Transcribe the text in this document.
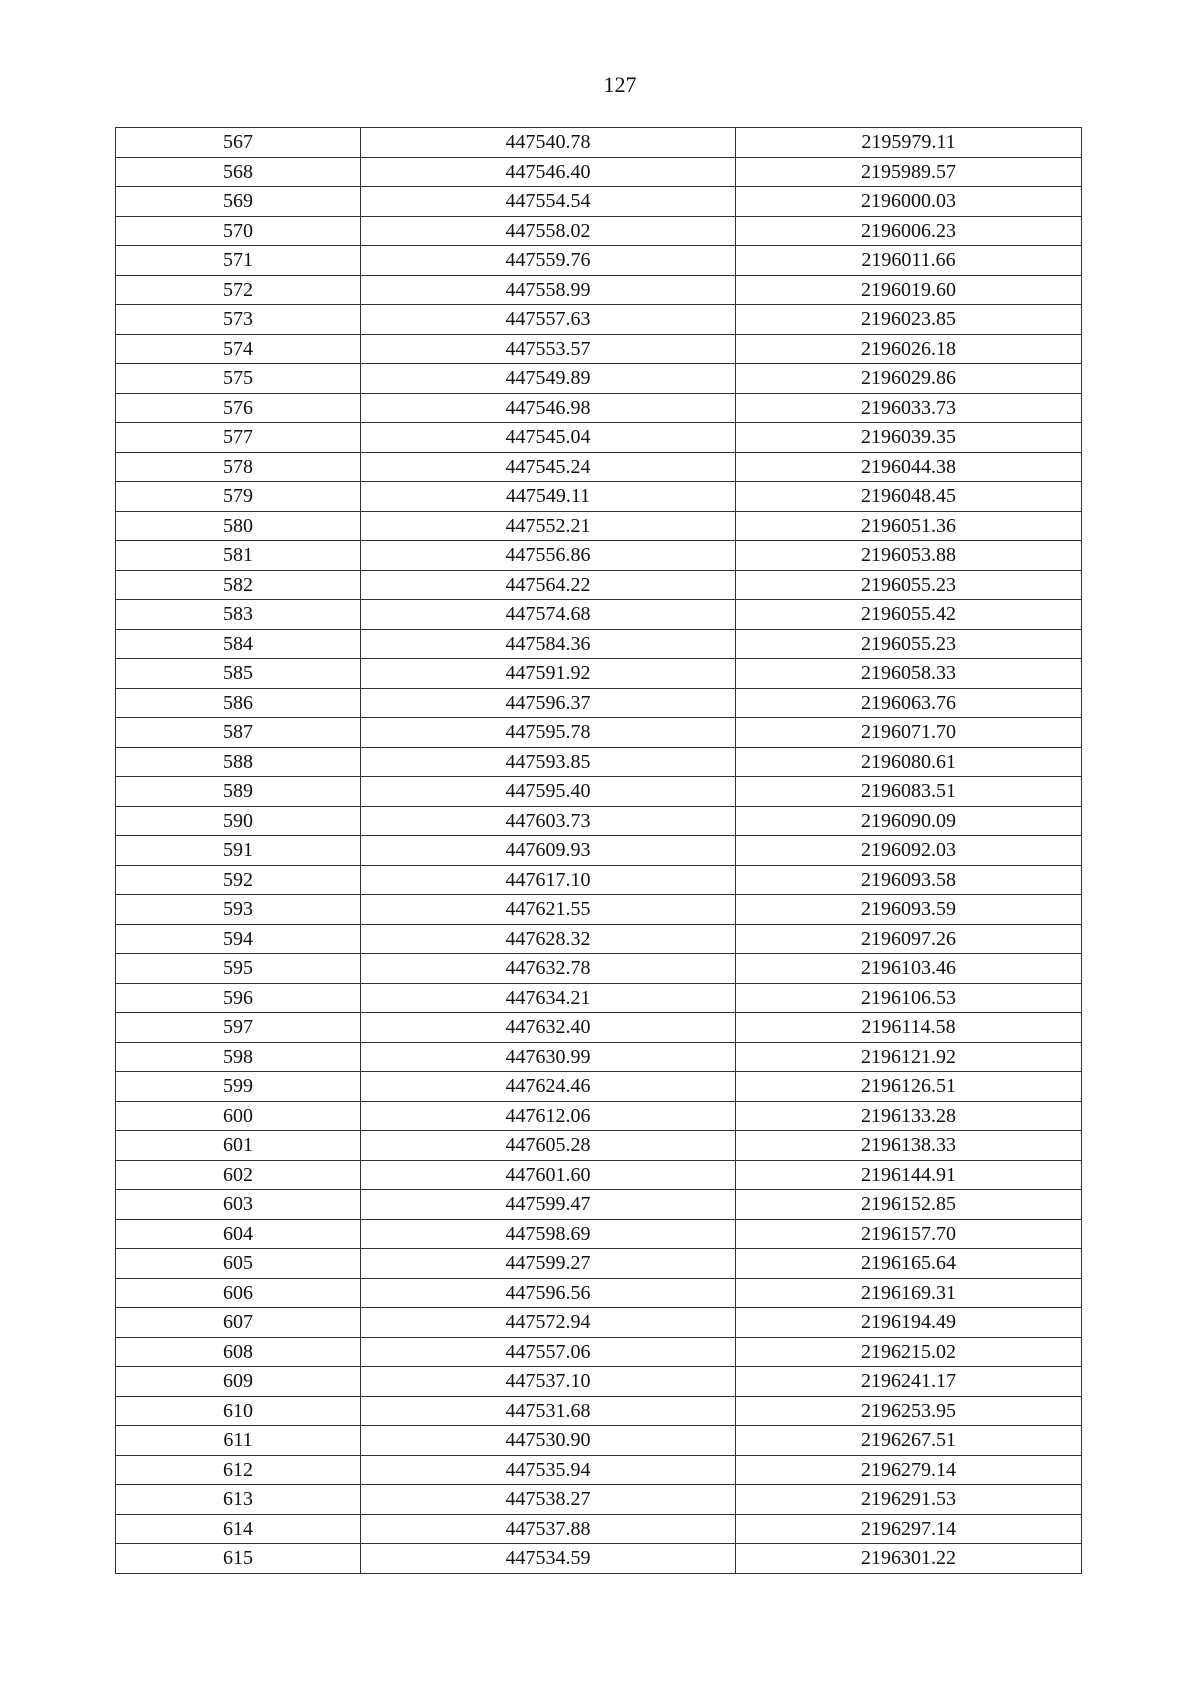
127
567	447540.78	2195979.11
568	447546.40	2195989.57
569	447554.54	2196000.03
570	447558.02	2196006.23
571	447559.76	2196011.66
572	447558.99	2196019.60
573	447557.63	2196023.85
574	447553.57	2196026.18
575	447549.89	2196029.86
576	447546.98	2196033.73
577	447545.04	2196039.35
578	447545.24	2196044.38
579	447549.11	2196048.45
580	447552.21	2196051.36
581	447556.86	2196053.88
582	447564.22	2196055.23
583	447574.68	2196055.42
584	447584.36	2196055.23
585	447591.92	2196058.33
586	447596.37	2196063.76
587	447595.78	2196071.70
588	447593.85	2196080.61
589	447595.40	2196083.51
590	447603.73	2196090.09
591	447609.93	2196092.03
592	447617.10	2196093.58
593	447621.55	2196093.59
594	447628.32	2196097.26
595	447632.78	2196103.46
596	447634.21	2196106.53
597	447632.40	2196114.58
598	447630.99	2196121.92
599	447624.46	2196126.51
600	447612.06	2196133.28
601	447605.28	2196138.33
602	447601.60	2196144.91
603	447599.47	2196152.85
604	447598.69	2196157.70
605	447599.27	2196165.64
606	447596.56	2196169.31
607	447572.94	2196194.49
608	447557.06	2196215.02
609	447537.10	2196241.17
610	447531.68	2196253.95
611	447530.90	2196267.51
612	447535.94	2196279.14
613	447538.27	2196291.53
614	447537.88	2196297.14
615	447534.59	2196301.22
